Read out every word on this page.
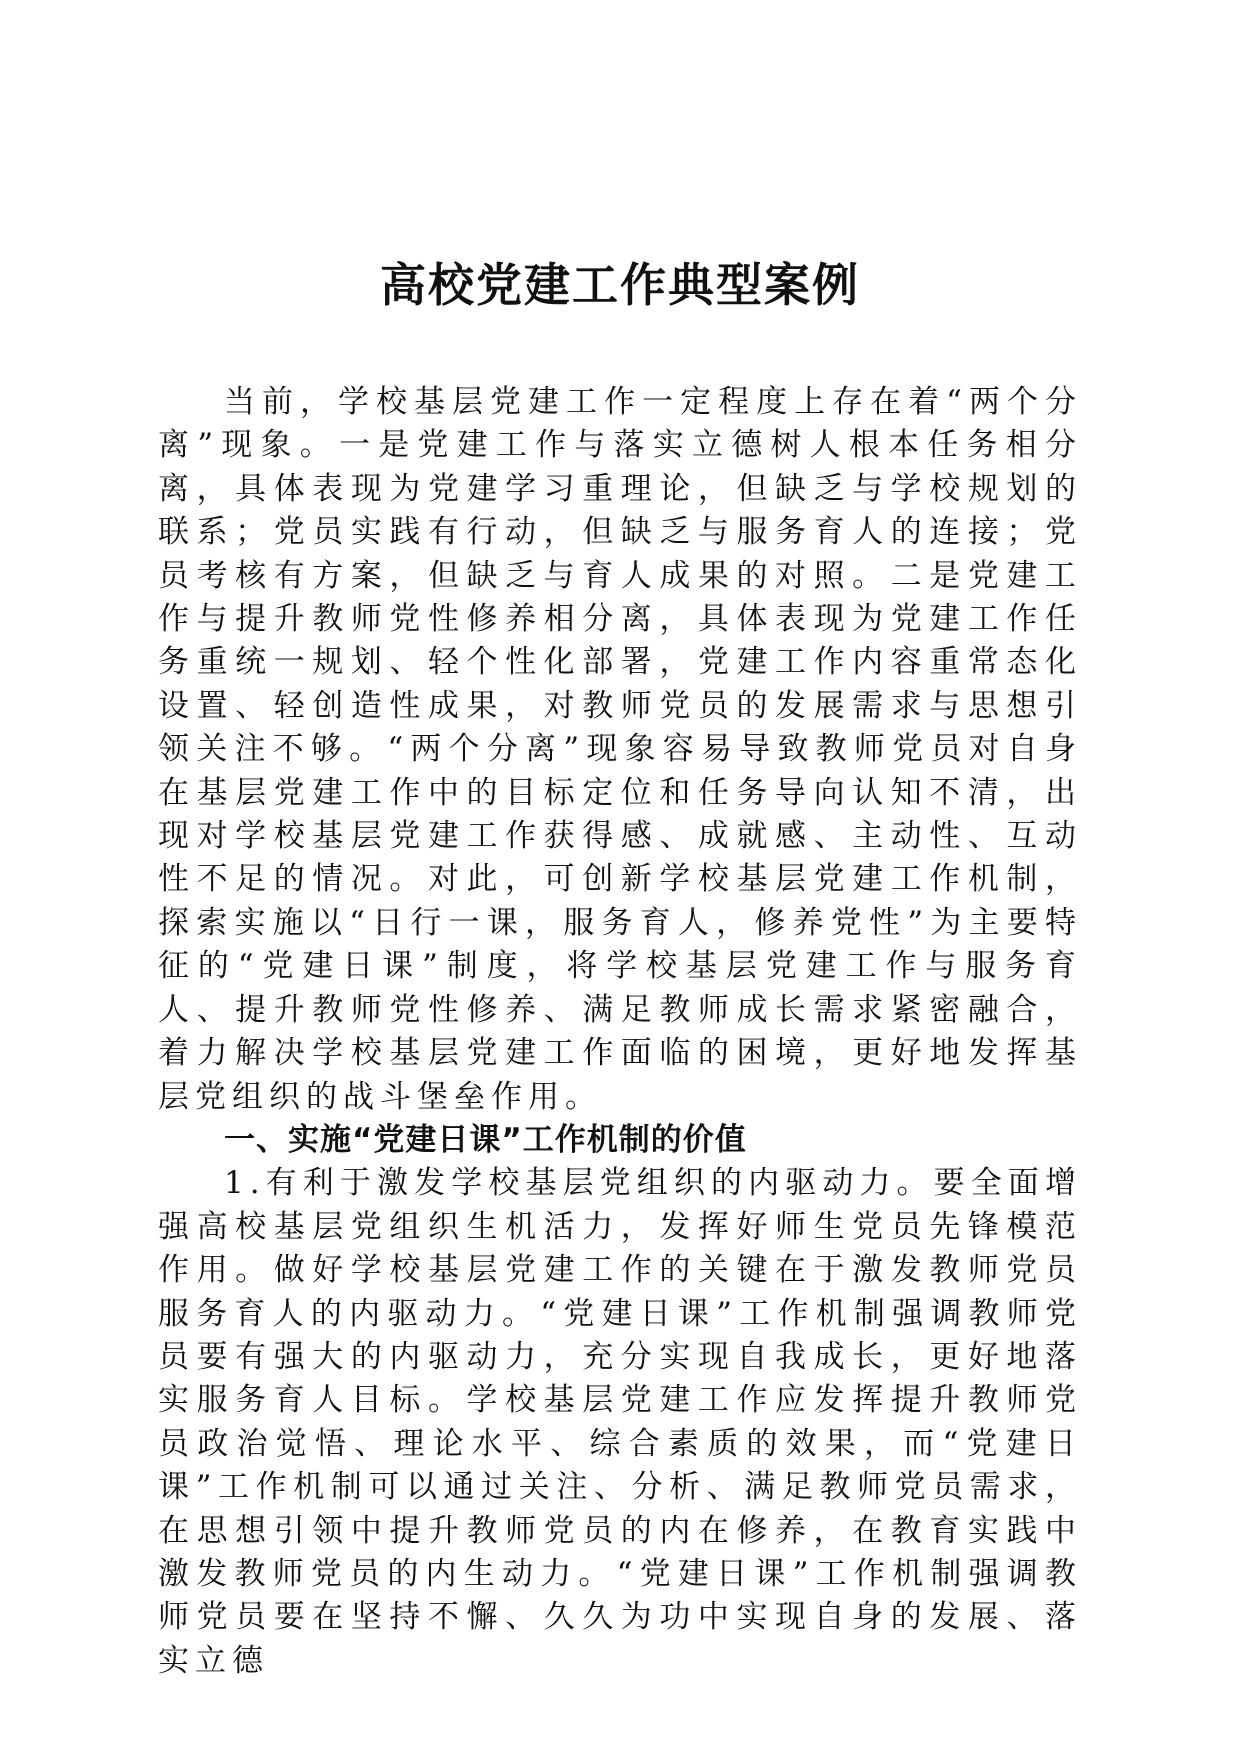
高校党建工作典型案例

当前，学校基层党建工作一定程度上存在着“两个分离”现象。一是党建工作与落实立德树人根本任务相分离，具体表现为党建学习重理论，但缺乏与学校规划的联系；党员实践有行动，但缺乏与服务育人的连接；党员考核有方案，但缺乏与育人成果的对照。二是党建工作与提升教师党性修养相分离，具体表现为党建工作任务重统一规划、轻个性化部署，党建工作内容重常态化设置、轻创造性成果，对教师党员的发展需求与思想引领关注不够。“两个分离”现象容易导致教师党员对自身在基层党建工作中的目标定位和任务导向认知不清，出现对学校基层党建工作获得感、成就感、主动性、互动性不足的情况。对此，可创新学校基层党建工作机制，探索实施以“日行一课，服务育人，修养党性”为主要特征的“党建日课”制度，将学校基层党建工作与服务育人、提升教师党性修养、满足教师成长需求紧密融合，着力解决学校基层党建工作面临的困境，更好地发挥基层党组织的战斗堡垒作用。

一、实施“党建日课”工作机制的价值

1.有利于激发学校基层党组织的内驱动力。要全面增强高校基层党组织生机活力，发挥好师生党员先锋模范作用。做好学校基层党建工作的关键在于激发教师党员服务育人的内驱动力。“党建日课”工作机制强调教师党员要有强大的内驱动力，充分实现自我成长，更好地落实服务育人目标。学校基层党建工作应发挥提升教师党员政治觉悟、理论水平、综合素质的效果，而“党建日课”工作机制可以通过关注、分析、满足教师党员需求，在思想引领中提升教师党员的内在修养，在教育实践中激发教师党员的内生动力。“党建日课”工作机制强调教师党员要在坚持不懈、久久为功中实现自身的发展、落实立德
